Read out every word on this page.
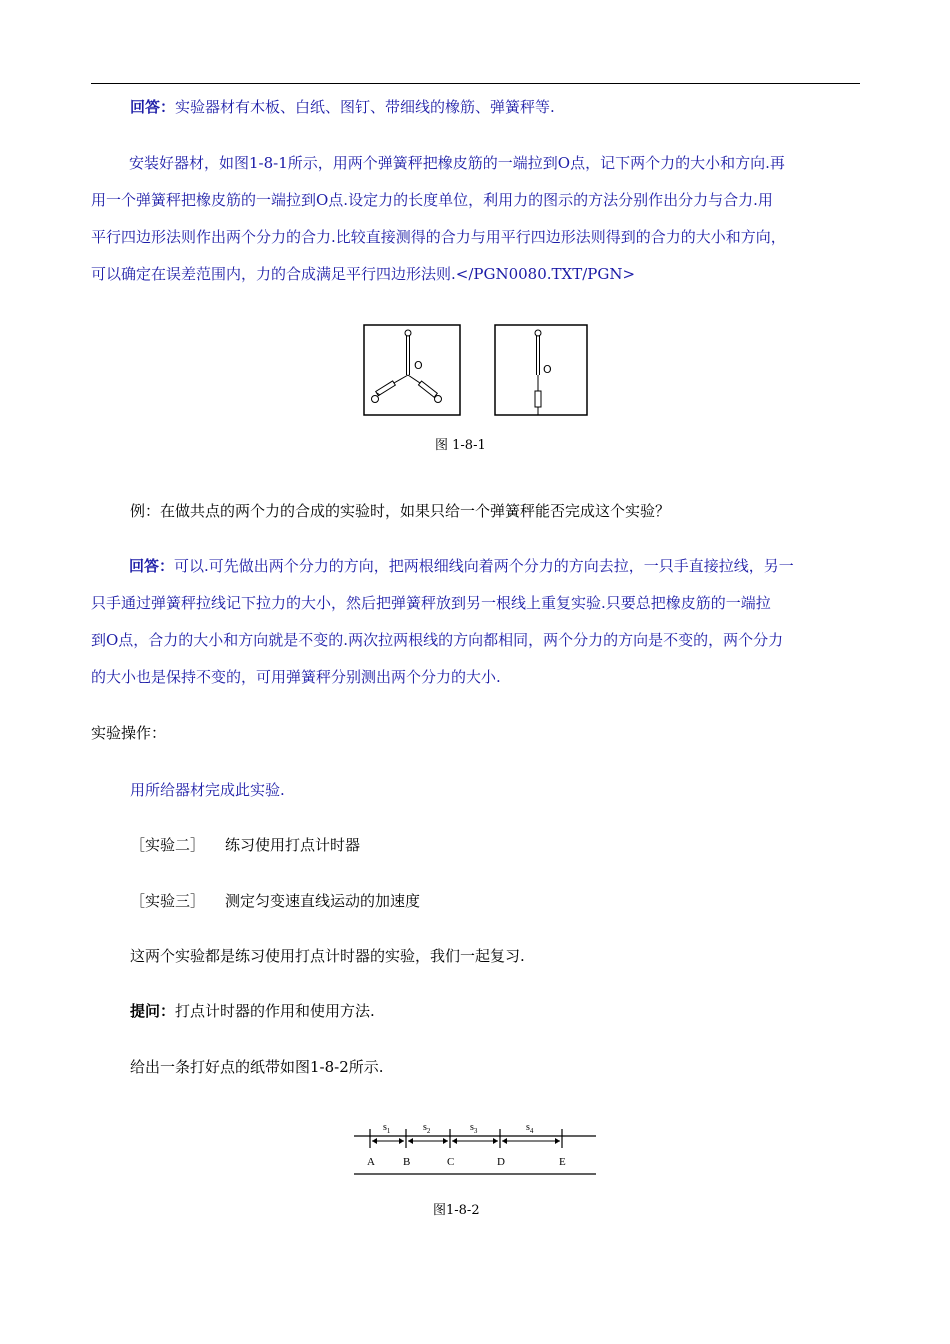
回答：实验器材有木板、白纸、图钉、带细线的橡筋、弹簧秤等.

安装好器材，如图1-8-1所示，用两个弹簧秤把橡皮筋的一端拉到O点，记下两个力的大小和方向.再
用一个弹簧秤把橡皮筋的一端拉到O点.设定力的长度单位，利用力的图示的方法分别作出分力与合力.用
平行四边形法则作出两个分力的合力.比较直接测得的合力与用平行四边形法则得到的合力的大小和方向，
可以确定在误差范围内，力的合成满足平行四边形法则.</PGN0080.TXT/PGN>
O	O
图 1-8-1

例：在做共点的两个力的合成的实验时，如果只给一个弹簧秤能否完成这个实验？

回答：可以.可先做出两个分力的方向，把两根细线向着两个分力的方向去拉，一只手直接拉线，另一
只手通过弹簧秤拉线记下拉力的大小，然后把弹簧秤放到另一根线上重复实验.只要总把橡皮筋的一端拉
到O点，合力的大小和方向就是不变的.两次拉两根线的方向都相同，两个分力的方向是不变的，两个分力
的大小也是保持不变的，可用弹簧秤分别测出两个分力的大小.

实验操作：

用所给器材完成此实验.

［实验二］ 练习使用打点计时器

［实验三］ 测定匀变速直线运动的加速度

这两个实验都是练习使用打点计时器的实验，我们一起复习.

提问：打点计时器的作用和使用方法.

给出一条打好点的纸带如图1-8-2所示.

A	B	C	D	E
$s_1$	$s_2$	$s_3$	$s_4$
图1-8-2
